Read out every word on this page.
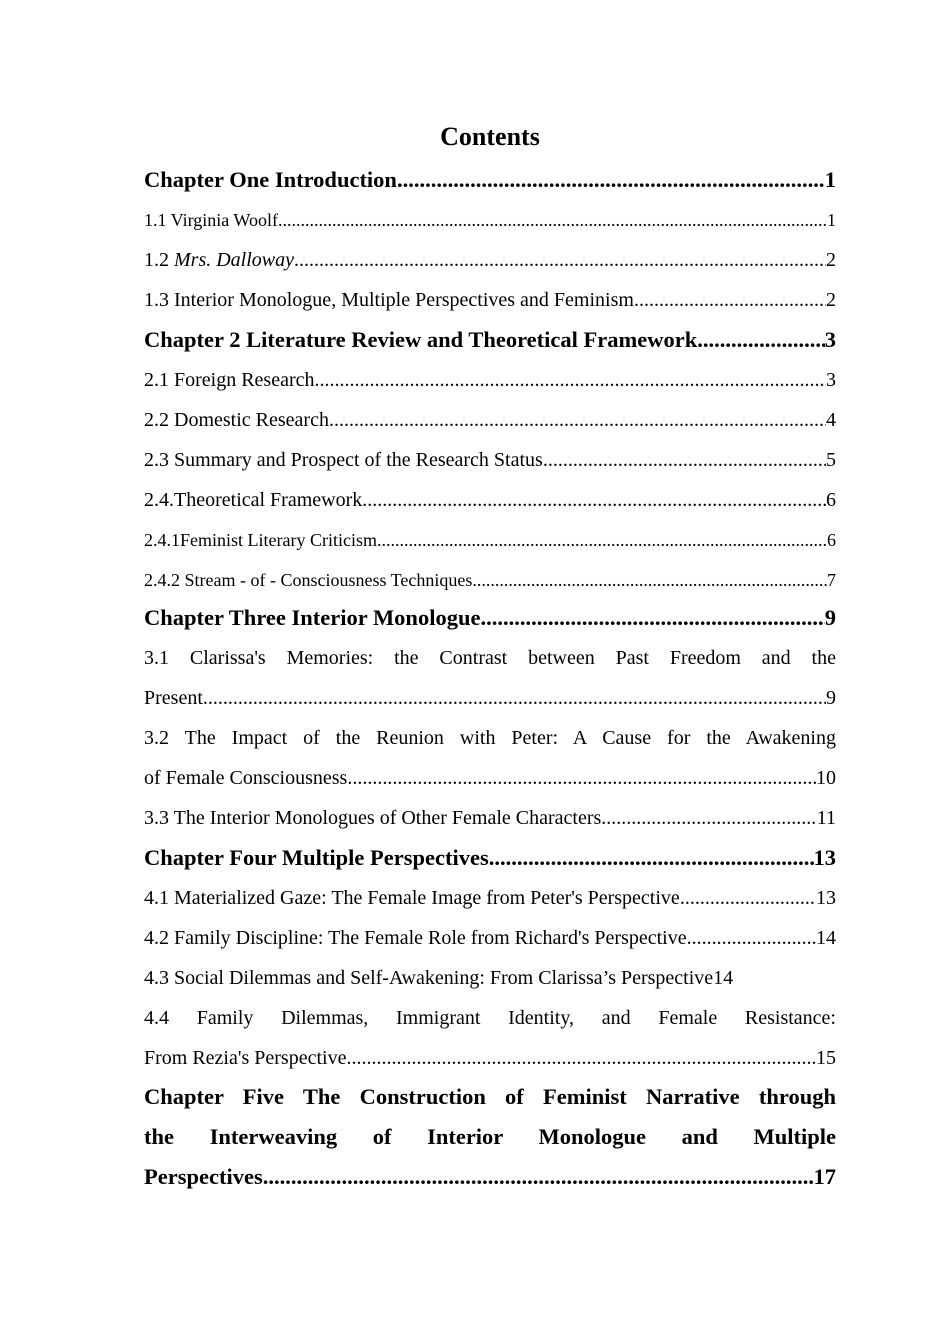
Contents
Chapter One Introduction .....	1
1.1 Virginia Woolf .....	1
1.2 Mrs. Dalloway .....	2
1.3 Interior Monologue, Multiple Perspectives and Feminism .....	2
Chapter 2 Literature Review and Theoretical Framework .....	3
2.1 Foreign Research .....	3
2.2 Domestic Research .....	4
2.3 Summary and Prospect of the Research Status .....	5
2.4.Theoretical Framework .....	6
2.4.1Feminist Literary Criticism .....	6
2.4.2 Stream - of - Consciousness Techniques .....	7
Chapter Three Interior Monologue .....	9
3.1 Clarissa's Memories: the Contrast between Past Freedom and the
Present .....	9
3.2 The Impact of the Reunion with Peter: A Cause for the Awakening
of Female Consciousness .....	10
3.3 The Interior Monologues of Other Female Characters .....	11
Chapter Four Multiple Perspectives .....	13
4.1 Materialized Gaze: The Female Image from Peter's Perspective .....	13
4.2 Family Discipline: The Female Role from Richard's Perspective .....	14
4.3 Social Dilemmas and Self-Awakening: From Clarissa’s Perspective 14
4.4 Family Dilemmas, Immigrant Identity, and Female Resistance:
From Rezia's Perspective .....	15
Chapter Five The Construction of Feminist Narrative through
the Interweaving of Interior Monologue and Multiple
Perspectives .....	17
